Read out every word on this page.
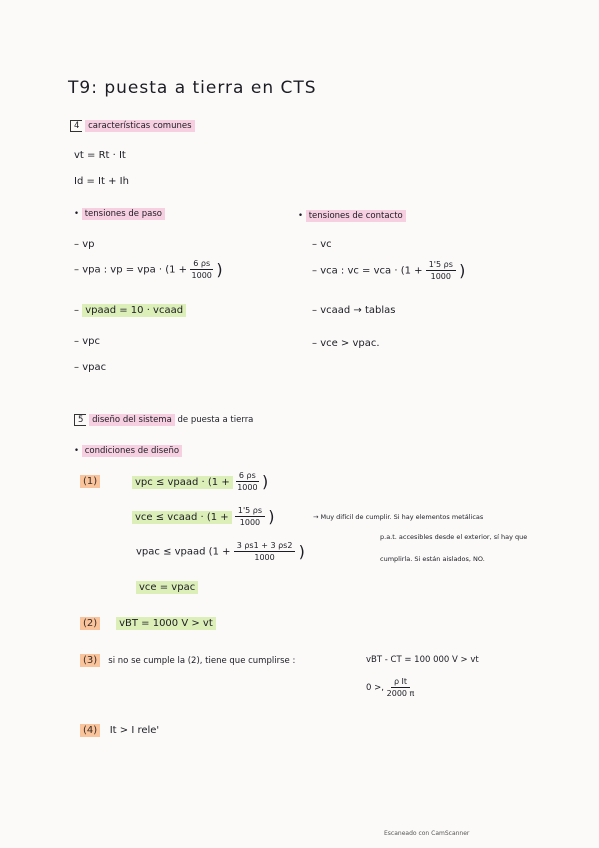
T9: puesta a tierra en CTS
4 características comunes
vt = Rt · It
Id = It + Ih
• tensiones de paso
– vp
– vpa : vp = vpa · ($1 + \frac{6 \rho s}{1000}$ )
– vpaad = 10 · vcaad
– vpc
– vpac
• tensiones de contacto
– vc
– vca : vc = vca · ($1 + \frac{1'5 \rho s}{1000}$ )
– vcaad → tablas
– vce > vpac.
5 diseño del sistema de puesta a tierra
• condiciones de diseño
(1)	vpc ≤ vpaad · ($1 + \frac{6 \rho s}{1000}$ )
vce ≤ vcaad · ($1 + \frac{1'5 \rho s}{1000}$ )	→ Muy difícil de cumplir. Si hay elementos metálicas
p.a.t. accesibles desde el exterior, sí hay que
cumplirla. Si están aislados, NO.
vpac ≤ vpaad ($1 + \frac{3 \rho s1 + 3 \rho s2}{1000}$ )
vce = vpac
(2) vBT = 1000 V > vt
(3) si no se cumple la (2), tiene que cumplirse :	vBT - CT = 100 000 V > vt
0 >, $\frac{\text{ρ It}}{2000 \pi}$
(4) It > I rele'
Escaneado con CamScanner
